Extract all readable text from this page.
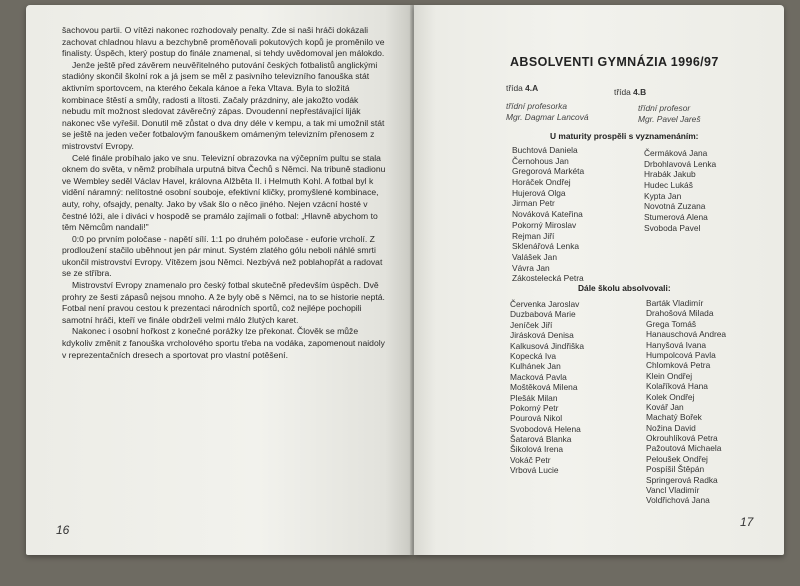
šachovou partii. O vítězi nakonec rozhodovaly penalty. Zde si naši hráči dokázali zachovat chladnou hlavu a bezchybně proměňovali pokutových kopů je proměnilo ve finalisty. Úspěch, který postup do finále znamenal, si tehdy uvědomoval jen málokdo.

Jenže ještě před závěrem neuvěřitelného putování českých fotbalistů anglickými stadióny skončil školní rok a já jsem se měl z pasivního televizního fanouška stát aktivním sportovcem, na kterého čekala kánoe a řeka Vltava. Byla to složitá kombinace štěstí a smůly, radosti a lítosti. Začaly prázdniny, ale jakožto vodák nebudu mít možnost sledovat závěrečný zápas. Dvoudenní nepřestávající liják nakonec vše vyřešil. Donutil mě zůstat o dva dny déle v kempu, a tak mi umožnil stát se ještě na jeden večer fotbalovým fanouškem omámeným televizním přenosem z mistrovství Evropy.

Celé finále probíhalo jako ve snu. Televizní obrazovka na výčepním pultu se stala oknem do světa, v němž probíhala urputná bitva Čechů s Němci. Na tribuně stadionu ve Wembley seděl Václav Havel, královna Alžběta II. i Helmuth Kohl. A fotbal byl k vidění náramný: nelítostné osobní souboje, efektivní kličky, promyšlené kombinace, auty, rohy, ofsajdy, penalty. Jako by však šlo o něco jiného. Nejen vzácní hosté v čestné lóži, ale i diváci v hospodě se pramálo zajímali o fotbal: „Hlavně abychom to těm Němcům nandali!"

0:0 po prvním poločase - napětí sílí. 1:1 po druhém poločase - euforie vrcholí. Z prodloužení stačilo uběhnout jen pár minut. Systém zlatého gólu neboli náhlé smrti ukončil mistrovství Evropy. Vítězem jsou Němci. Nezbývá než poblahopřát a radovat se ze stříbra.

Mistrovství Evropy znamenalo pro český fotbal skutečně především úspěch. Dvě prohry ze šesti zápasů nejsou mnoho. A že byly obě s Němci, na to se historie neptá. Fotbal není pravou cestou k prezentaci národních sportů, což nejlépe pochopili samotní hráči, kteří ve finále obdrželi velmi málo žlutých karet.

Nakonec i osobní hořkost z konečné porážky lze překonat. Člověk se může kdykoliv změnit z fanouška vrcholového sportu třeba na vodáka, zapomenout naidoly v reprezentačních dresech a sportovat pro vlastní potěšení.

16
ABSOLVENTI GYMNÁZIA 1996/97
třída 4.A	třída 4.B
třídní profesorka
Mgr. Dagmar Lancová
třídní profesor
Mgr. Pavel Jareš
U maturity prospěli s vyznamenáním:
Buchtová Daniela
Černohous Jan
Gregorová Markéta
Horáček Ondřej
Hujerová Olga
Jirman Petr
Nováková Kateřina
Pokorný Miroslav
Rejman Jiří
Sklenářová Lenka
Valášek Jan
Vávra Jan
Zákostelecká Petra
Čermáková Jana
Drbohlavová Lenka
Hrabák Jakub
Hudec Lukáš
Kypta Jan
Novotná Zuzana
Stumerová Alena
Svoboda Pavel
Dále školu absolvovali:
Červenka Jaroslav
Duzbabová Marie
Jeníček Jiří
Jirásková Denisa
Kalkusová Jindřiška
Kopecká Iva
Kulhánek Jan
Macková Pavla
Moštěková Milena
Plešák Milan
Pokorný Petr
Pourová Nikol
Svobodová Helena
Šatarová Blanka
Šikolová Irena
Vokáč Petr
Vrbová Lucie
Barták Vladimír
Drahošová Milada
Grega Tomáš
Hanauschová Andrea
Hanyšová Ivana
Humpolcová Pavla
Chlomková Petra
Klein Ondřej
Kolaříková Hana
Kolek Ondřej
Kovář Jan
Machatý Bořek
Nožina David
Okrouhlíková Petra
Pažoutová Michaela
Peloušek Ondřej
Pospíšil Štěpán
Springerová Radka
Vancl Vladimír
Voldřichová Jana
17
